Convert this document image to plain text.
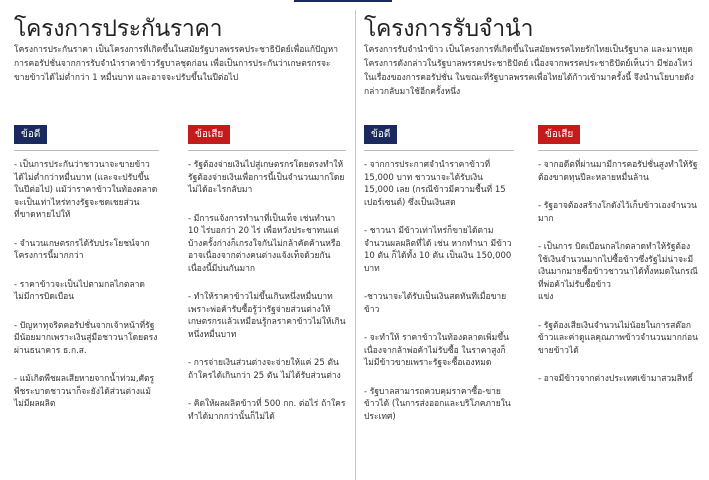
โครงการประกันราคา

โครงการประกันราคา เป็นโครงการที่เกิดขึ้นในสมัยรัฐบาลพรรคประชาธิปัตย์เพื่อแก้ปัญหาการคอรัปชั่นจากการรับจำนำราคาข้าวรัฐบาลชุดก่อน เพื่อเป็นการประกันว่าเกษตรกรจะขายข้าวได้ไม่ต่ำกว่า 1 หมื่นบาท และอาจจะปรับขึ้นในปีต่อไป

ข้อดี
- เป็นการประกันว่าชาวนาจะขายข้าวได้ไม่ต่ำกว่าหมื่นบาท (และจะปรับขึ้นในปีต่อไป) แม้ว่าราคาข้าวในท้องตลาดจะเป็นเท่าไหร่ทางรัฐจะชดเชยส่วน
ที่ขาดหายไปให้
- จำนวนเกษตรกรได้รับประโยชน์จากโครงการนี้มากกว่า
- ราคาข้าวจะเป็นไปตามกลไกตลาดไม่มีการบิดเบือน
- ปัญหาทุจริตคอรัปชั่นจากเจ้าหน้าที่รัฐมีน้อยมากเพราะเงินสู่มือชาวนาโดยตรงผ่านธนาคาร ธ.ก.ส.
- แม้เกิดพืชผลเสียหายจากน้ำท่วม,ศัตรูพืชระบาดชาวนาก็จะยังได้ส่วนต่างแม้ไม่มีผลผลิต
ข้อเสีย
- รัฐต้องจ่ายเงินไปสู่เกษตรกรโดยตรงทำให้รัฐต้องจ่ายเงินเพื่อการนี้เป็นจำนวนมากโดยไม่ได้อะไรกลับมา
- มีการแจ้งการทำนาที่เป็นเท็จ เช่นทำนา 10 ไร่บอกว่า 20 ไร่ เพื่อหวังประชาทนแต่บ้างครั้งก่างก็เกรงใจกันไม่กล้าคัดค้านหรืออาจเนื่องจากต่างคนต่างแจ้งเท็จด้วยกัน เนื่องนี้มีบ่นกันมาก
- ทำให้ราคาข้าวไม่ขึ้นเกินหนึ่งหมื่นบาทเพราะพ่อค้ารับซื้อรู้ว่ารัฐจ่ายส่วนต่างให้เกษตรกรแล้วเหมือนรู้กลราคาข้าวไม่ให้เกินหนึ่งหมื่นบาท
- การจ่ายเงินส่วนต่างจะจ่ายให้แค่ 25 ตัน ถ้าใครได้เกินกว่า 25 ตัน ไม่ได้รับส่วนต่าง
- คิดให้ผลผลิตข้าวที่ 500 กก. ต่อไร่ ถ้าใครทำได้มากกว่านั้นก็ไม่ได้
โครงการรับจำนำ

โครงการรับจำนำข้าว เป็นโครงการที่เกิดขึ้นในสมัยพรรคไทยรักไทยเป็นรัฐบาล และมาหยุดโครงการดังกล่าวในรัฐบาลพรรคประชาธิปัตย์ เนื่องจากพรรคประชาธิปัตย์เห็นว่า มีช่องโหว่ในเรื่องของการคอรัปชั่น ในขณะที่รัฐบาลพรรคเพื่อไทยได้ก้าวเข้ามาครั้งนี้ จึงนำนโยบายดังกล่าวกลับมาใช้อีกครั้งหนึ่ง

ข้อดี
- จากการประกาศจำนำราคาข้าวที่ 15,000 บาท ชาวนาจะได้รับเงิน 15,000 เลย (กรณีข้าวมีความชื้นที่ 15 เปอร์เซนต์) ซึ่งเป็นเงินสด
- ชาวนา มีข้าวเท่าไหร่ก็ขายได้ตามจำนวนผลผลิตที่ได้ เช่น หากทำนา มีข้าว 10 ตัน ก็ได้ทั้ง 10 ตัน เป็นเงิน 150,000 บาท
-ชาวนาจะได้รับเป็นเงินสดทันทีเมื่อขายข้าว
- จะทำให้ ราคาข้าวในท้องตลาดเพิ่มขึ้น เนื่องจากล้าพ่อค้าไม่รับซื้อ ในราคาสูงก็ไม่มีข้าวขายเพราะรัฐจะซื้อเองหมด
- รัฐบาลสามารถควบคุมราคาซื้อ-ขายข้าวได้ (ในการส่งออกและบริโภคภายในประเทศ)
ข้อเสีย
- จากอดีตที่ผ่านมามีการคอรัปชั่นสูงทำให้รัฐต้องขาดทุนปีละหลายหมื่นล้าน
- รัฐอาจต้องสร้างโกดังไว้เก็บข้าวเองจำนวนมาก
- เป็นการ บิดเบือนกลไกตลาดทำให้รัฐต้องใช้เงินจำนวนมากไปซื้อข้าวซึ่งรัฐไม่น่าจะมีเงินมากมายซื้อข้าวชาวนาได้ทั้งหมดในกรณีที่พ่อค้าไม่รับซื้อข้าว
แข่ง
- รัฐต้องเสียเงินจำนวนไม่น้อยในการสต๊อกข้าวและค่าดูแลคุณภาพข้าวจำนวนมากก่อนขายข้าวได้
- อาจมีข้าวจากต่างประเทศเข้ามาสวมสิทธิ์
